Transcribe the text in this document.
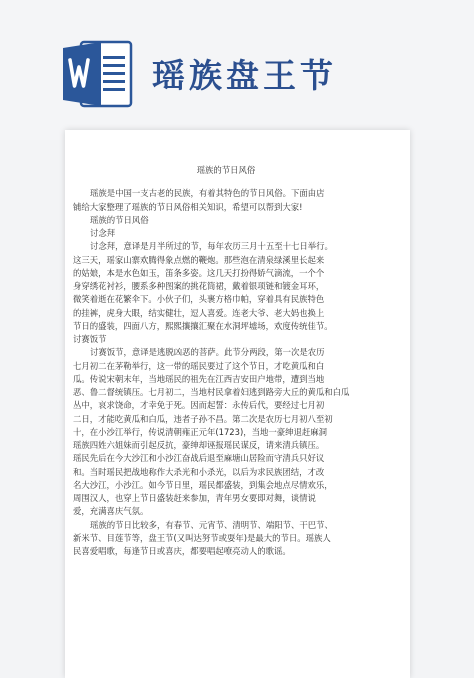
瑶族盘王节
瑶族的节日风俗
瑶族是中国一支古老的民族，有着其特色的节日风俗。下面由店
铺给大家整理了瑶族的节日风俗相关知识，希望可以帮到大家!
瑶族的节日风俗
讨念拜
讨念拜，意译是月半所过的节，每年农历三月十五至十七日举行。
这三天，瑶家山寨欢腾得象点燃的鞭炮。那些泡在清泉绿溪里长起来
的姑娘，本是水色如玉，笛条多姿。这几天打扮得娇气滴流，一个个
身穿绣花衬衫，腰系多种图案的挑花筒裙，戴着银项链和镀金耳环，
微笑着逝在花繁伞下。小伙子们，头裹方格巾帕，穿着具有民族特色
的挂裤，虎身大眼，结实健壮，逗人喜爱。连老大爷、老大妈也换上
节日的盛装，四面八方，熙熙攘攘汇聚在水洞坪墟场，欢度传统佳节。
讨赛饭节
讨赛饭节，意译是逃脱凶恶的菩萨。此节分两段，第一次是农历
七月初二在茅勒举行，这一带的瑶民要过了这个节日，才吃黄瓜和白
瓜。传说宋朝末年，当地瑶民的祖先在江西吉安田户地带，遭到当地
恶、鲁二督统镇压。七月初二，当地村民拿着妇逃到路旁大丘的黄瓜和白瓜
丛中，哀求饶命，才幸免于死。因而起誓：永传后代，要经过七月初
二日，才能吃黄瓜和白瓜，违者子孙不昌。第二次是农历七月初八至初
十，在小沙江举行，传说清朝雍正元年(1723)，当地一豪绅退赶麻洞
瑶族四姓六姐妹而引起反抗，豪绅却诬报瑶民谋反，请来清兵镇压。
瑶民先后在今大沙江和小沙江奋战后退至麻塘山居险而守清兵只好议
和。当时瑶民把战地称作大杀光和小杀光，以后为求民族团结，才改
名大沙江，小沙江。如今节日里，瑶民都盛装，到集会地点尽情欢乐，
周围汉人，也穿上节日盛装赶来参加，青年男女要即对舞，谈情说
爱，充满喜庆气氛。
瑶族的节日比较多，有春节、元宵节、清明节、端阳节、干巴节、
新米节、目莲节等，盘王节(又叫达努节或耍年)是最大的节日。瑶族人
民喜爱唱歌，每逢节日或喜庆，都要唱起嘹亮动人的歌谣。
